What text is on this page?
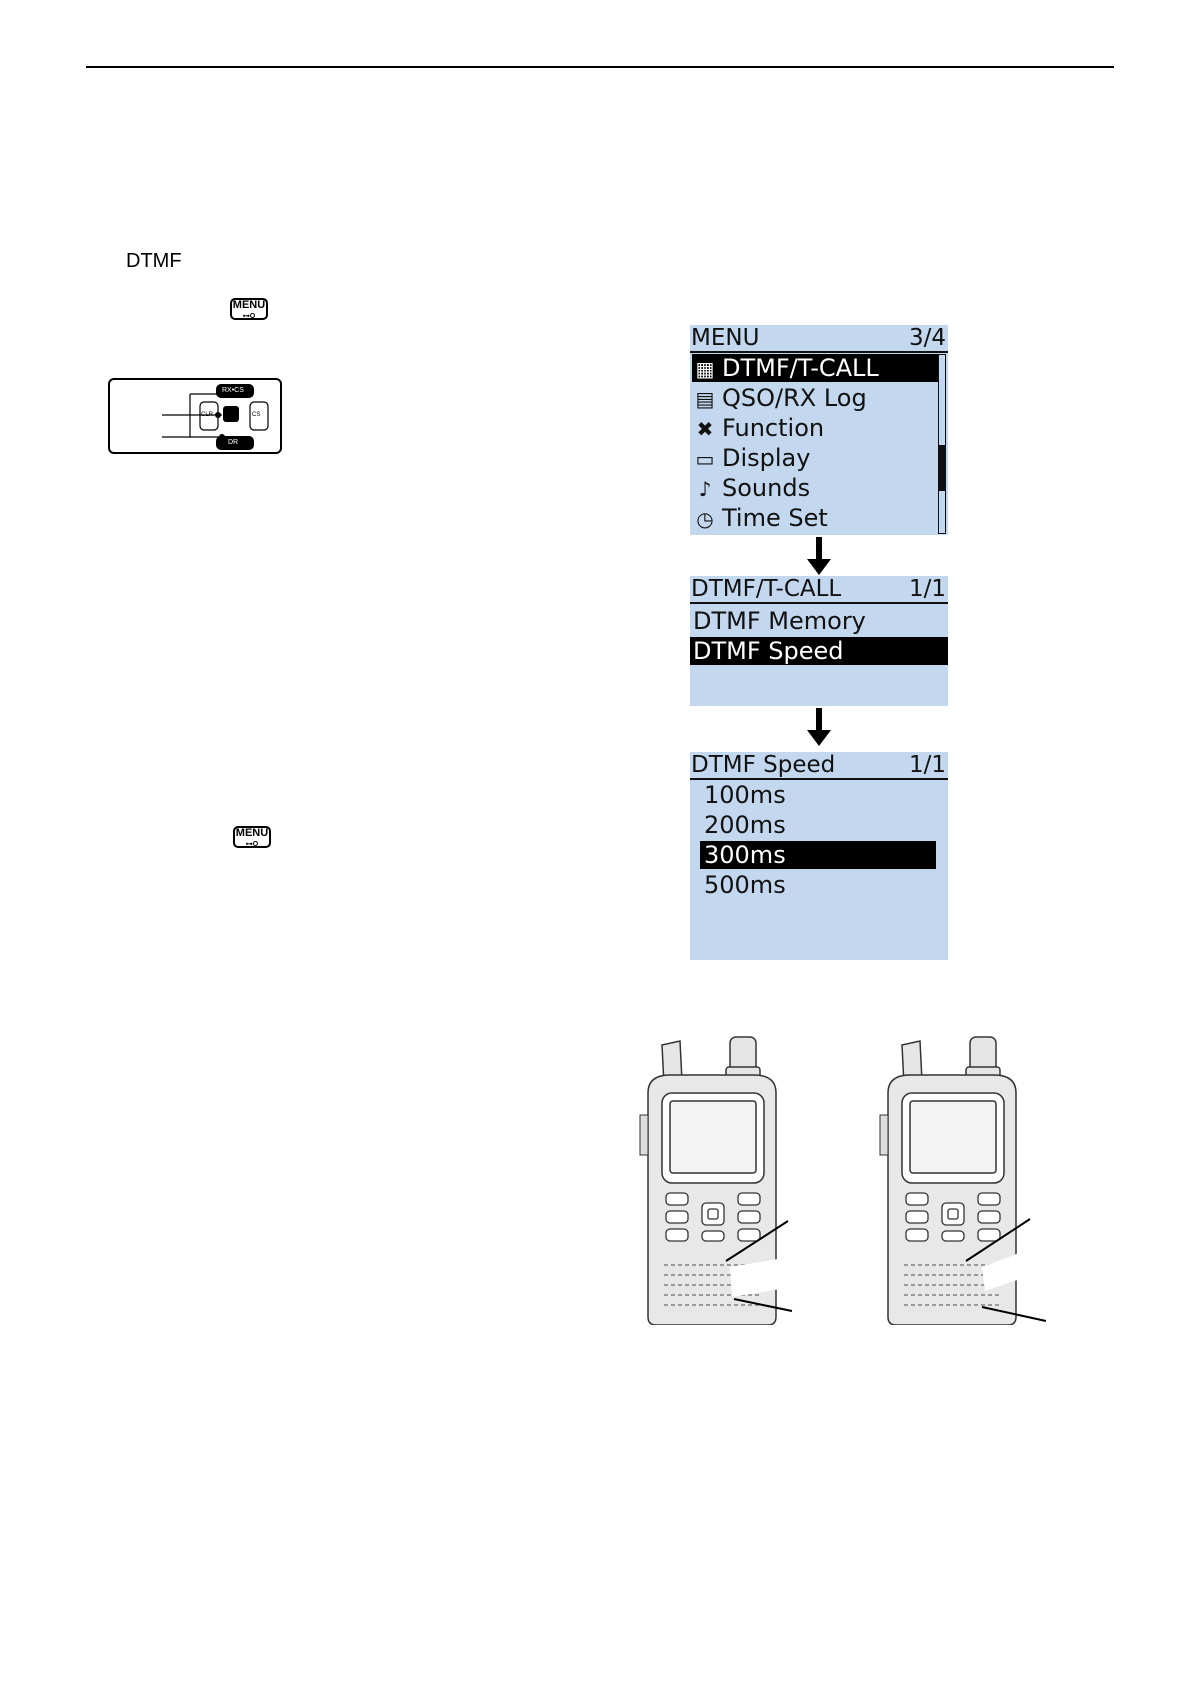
DTMF
MENU
⊶O
RX•CS
CLR	CS
DR
MENU
⊶O
MENU	3/4
▦ DTMF/T-CALL
▤ QSO/RX Log
✖ Function
▭ Display
♪ Sounds
◷ Time Set
DTMF/T-CALL	1/1
DTMF Memory
DTMF Speed
DTMF Speed	1/1
100ms
200ms
300ms
500ms
